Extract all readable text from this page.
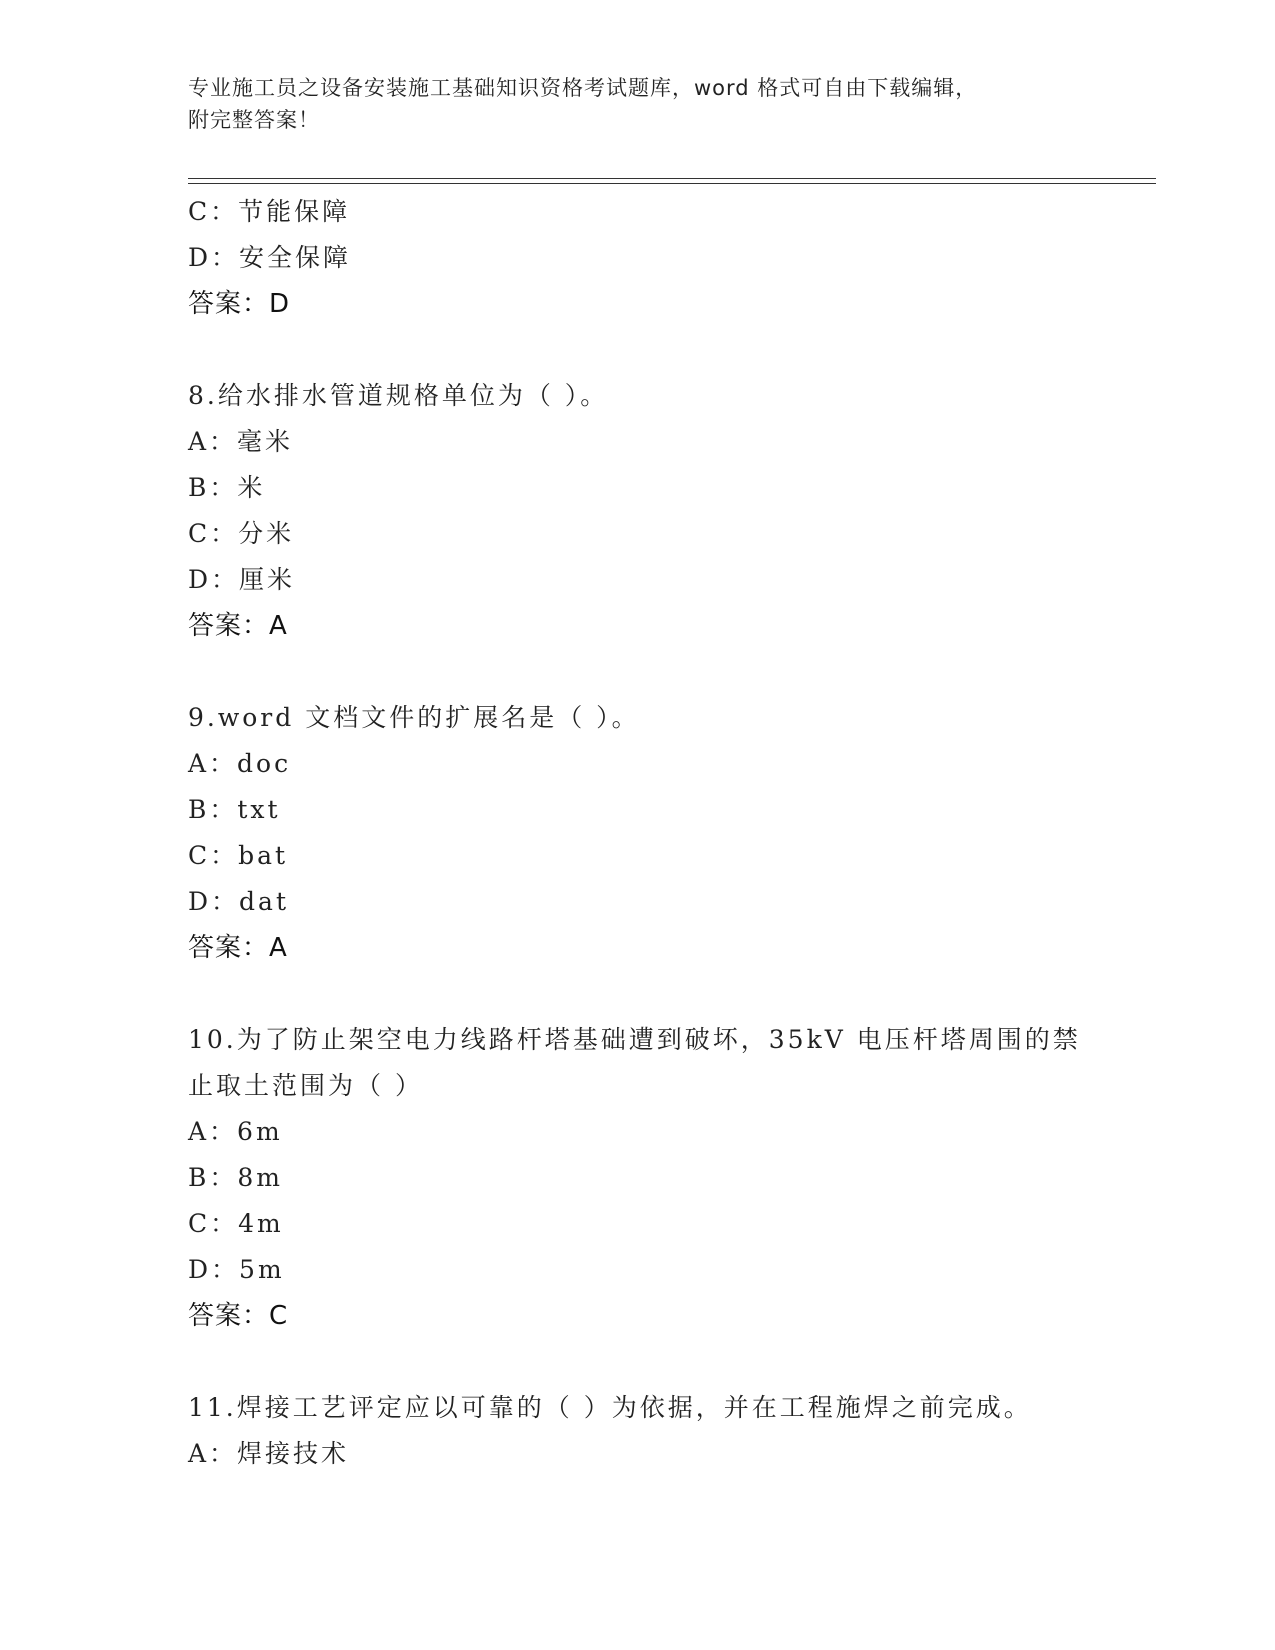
专业施工员之设备安装施工基础知识资格考试题库，word 格式可自由下载编辑，
附完整答案！
C：节能保障
D：安全保障
答案：D
8.给水排水管道规格单位为（ ）。
A：毫米
B：米
C：分米
D：厘米
答案：A
9.word 文档文件的扩展名是（ ）。
A：doc
B：txt
C：bat
D：dat
答案：A
10.为了防止架空电力线路杆塔基础遭到破坏，35kV 电压杆塔周围的禁
止取土范围为（ ）
A：6m
B：8m
C：4m
D：5m
答案：C
11.焊接工艺评定应以可靠的（ ）为依据，并在工程施焊之前完成。
A：焊接技术
